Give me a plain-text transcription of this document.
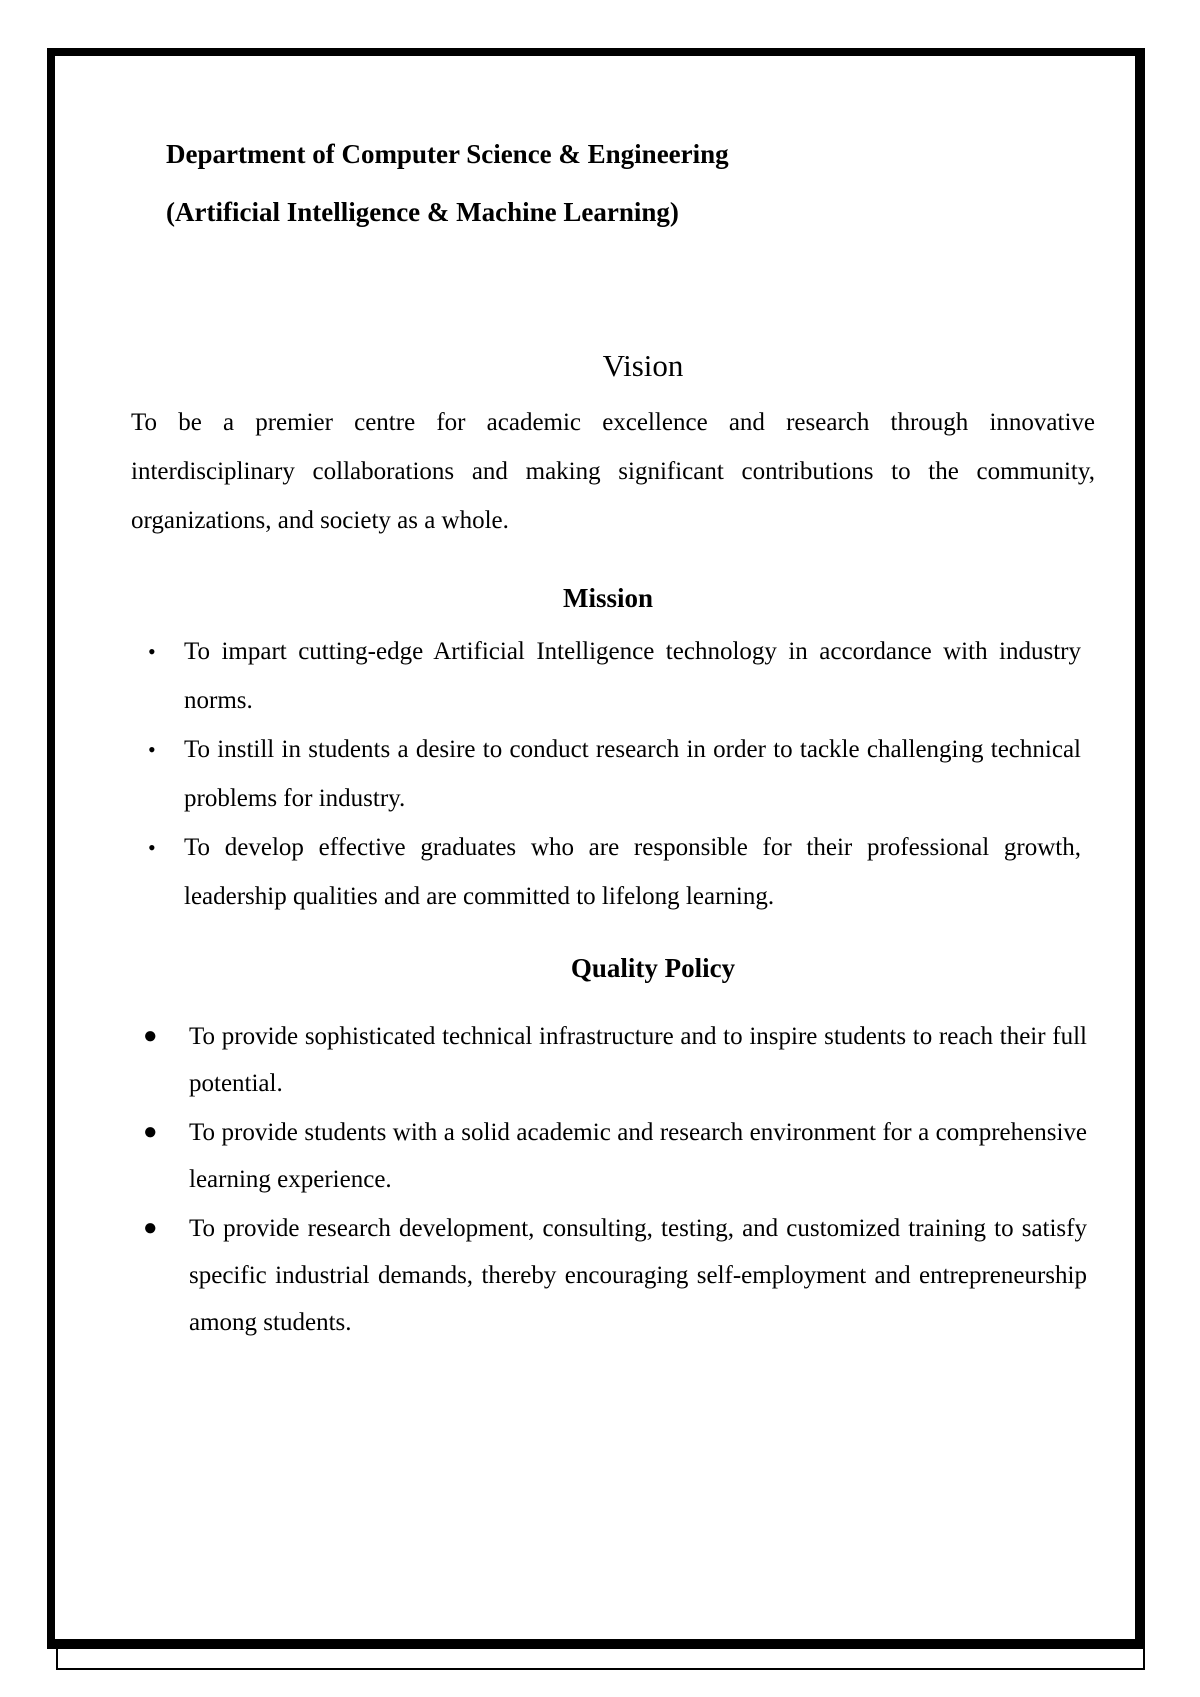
Department of Computer Science & Engineering
(Artificial Intelligence & Machine Learning)
Vision
To be a premier centre for academic excellence and research through innovative interdisciplinary collaborations and making significant contributions to the community, organizations, and society as a whole.
Mission
• To impart cutting-edge Artificial Intelligence technology in accordance with industry norms.
• To instill in students a desire to conduct research in order to tackle challenging technical problems for industry.
• To develop effective graduates who are responsible for their professional growth, leadership qualities and are committed to lifelong learning.
Quality Policy
● To provide sophisticated technical infrastructure and to inspire students to reach their full potential.
● To provide students with a solid academic and research environment for a comprehensive learning experience.
● To provide research development, consulting, testing, and customized training to satisfy specific industrial demands, thereby encouraging self-employment and entrepreneurship among students.
